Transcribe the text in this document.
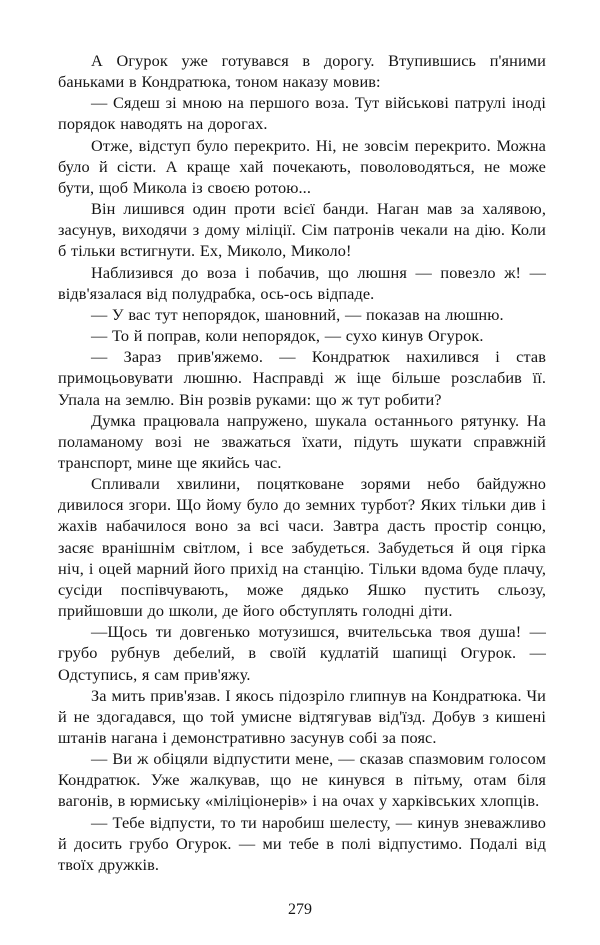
А Огурок уже готувався в дорогу. Втупившись п'яними баньками в Кондратюка, тоном наказу мовив:

— Сядеш зі мною на першого воза. Тут військові патрулі іноді порядок наводять на дорогах.

Отже, відступ було перекрито. Ні, не зовсім перекрито. Можна було й сісти. А краще хай почекають, поволоводяться, не може бути, щоб Микола із своєю ротою...

Він лишився один проти всієї банди. Наган мав за халявою, засунув, виходячи з дому міліції. Сім патронів чекали на дію. Коли б тільки встигнути. Ех, Миколо, Миколо!

Наблизився до воза і побачив, що люшня — повезло ж! — відв'язалася від полудрабка, ось-ось відпаде.

— У вас тут непорядок, шановний, — показав на люшню.

— То й поправ, коли непорядок, — сухо кинув Огурок.

— Зараз прив'яжемо. — Кондратюк нахилився і став примоцьовувати люшню. Насправді ж іще більше розслабив її. Упала на землю. Він розвів руками: що ж тут робити?

Думка працювала напружено, шукала останнього рятунку. На поламаному возі не зважаться їхати, підуть шукати справжній транспорт, мине ще якийсь час.

Спливали хвилини, поцятковане зорями небо байдужно дивилося згори. Що йому було до земних турбот? Яких тільки див і жахів набачилося воно за всі часи. Завтра дасть простір сонцю, засяє вранішнім світлом, і все забудеться. Забудеться й оця гірка ніч, і оцей марний його прихід на станцію. Тільки вдома буде плачу, сусіди поспівчувають, може дядько Яшко пустить сльозу, прийшовши до школи, де його обступлять голодні діти.

—Щось ти довгенько мотузишся, вчительська твоя душа! — грубо рубнув дебелий, в своїй кудлатій шапищі Огурок. — Одступись, я сам прив'яжу.

За мить прив'язав. І якось підозріло глипнув на Кондратюка. Чи й не здогадався, що той умисне відтягував від'їзд. Добув з кишені штанів нагана і демонстративно засунув собі за пояс.

— Ви ж обіцяли відпустити мене, — сказав спазмовим голосом Кондратюк. Уже жалкував, що не кинувся в пітьму, отам біля вагонів, в юрмиську «міліціонерів» і на очах у харківських хлопців.

— Тебе відпусти, то ти наробиш шелесту, — кинув зневажливо й досить грубо Огурок. — ми тебе в полі відпустимо. Подалі від твоїх дружків.

279
